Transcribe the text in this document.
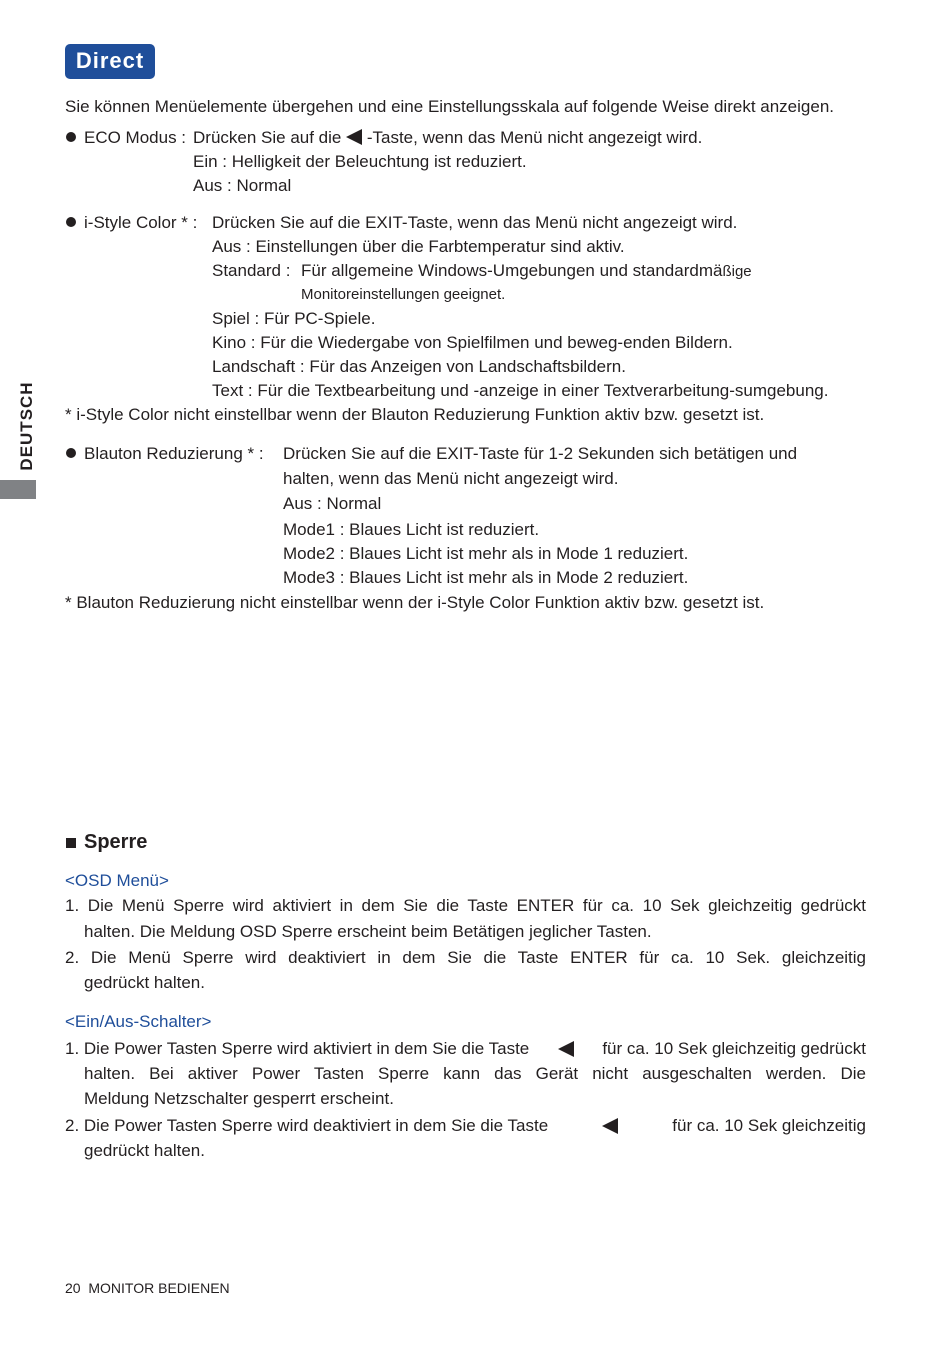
Direct
DEUTSCH
Sie können Menüelemente übergehen und eine Einstellungsskala auf folgende Weise direkt anzeigen.
ECO Modus : Drücken Sie auf die -Taste, wenn das Menü nicht angezeigt wird.
Ein : Helligkeit der Beleuchtung ist reduziert.
Aus : Normal
i-Style Color * : Drücken Sie auf die EXIT-Taste, wenn das Menü nicht angezeigt wird.
Aus : Einstellungen über die Farbtemperatur sind aktiv.
Standard : Für allgemeine Windows-Umgebungen und standardmäßige
Monitoreinstellungen geeignet.
Spiel : Für PC-Spiele.
Kino : Für die Wiedergabe von Spielfilmen und beweg-enden Bildern.
Landschaft : Für das Anzeigen von Landschaftsbildern.
Text : Für die Textbearbeitung und -anzeige in einer Textverarbeitung-sumgebung.
* i-Style Color nicht einstellbar wenn der Blauton Reduzierung Funktion aktiv bzw. gesetzt ist.
Blauton Reduzierung * : Drücken Sie auf die EXIT-Taste für 1-2 Sekunden sich betätigen und
halten, wenn das Menü nicht angezeigt wird.
Aus : Normal
Mode1 : Blaues Licht ist reduziert.
Mode2 : Blaues Licht ist mehr als in Mode 1 reduziert.
Mode3 : Blaues Licht ist mehr als in Mode 2 reduziert.
* Blauton Reduzierung nicht einstellbar wenn der i-Style Color Funktion aktiv bzw. gesetzt ist.
Sperre
<OSD Menü>
1. Die Menü Sperre wird aktiviert in dem Sie die Taste ENTER für ca. 10 Sek gleichzeitig gedrückt
halten. Die Meldung OSD Sperre erscheint beim Betätigen jeglicher Tasten.
2. Die Menü Sperre wird deaktiviert in dem Sie die Taste ENTER für ca. 10 Sek. gleichzeitig
gedrückt halten.
<Ein/Aus-Schalter>
1. Die Power Tasten Sperre wird aktiviert in dem Sie die Taste	für ca. 10 Sek gleichzeitig gedrückt
halten. Bei aktiver Power Tasten Sperre kann das Gerät nicht ausgeschalten werden. Die
Meldung Netzschalter gesperrt erscheint.
2. Die Power Tasten Sperre wird deaktiviert in dem Sie die Taste	für ca. 10 Sek gleichzeitig
gedrückt halten.
20 MONITOR BEDIENEN
